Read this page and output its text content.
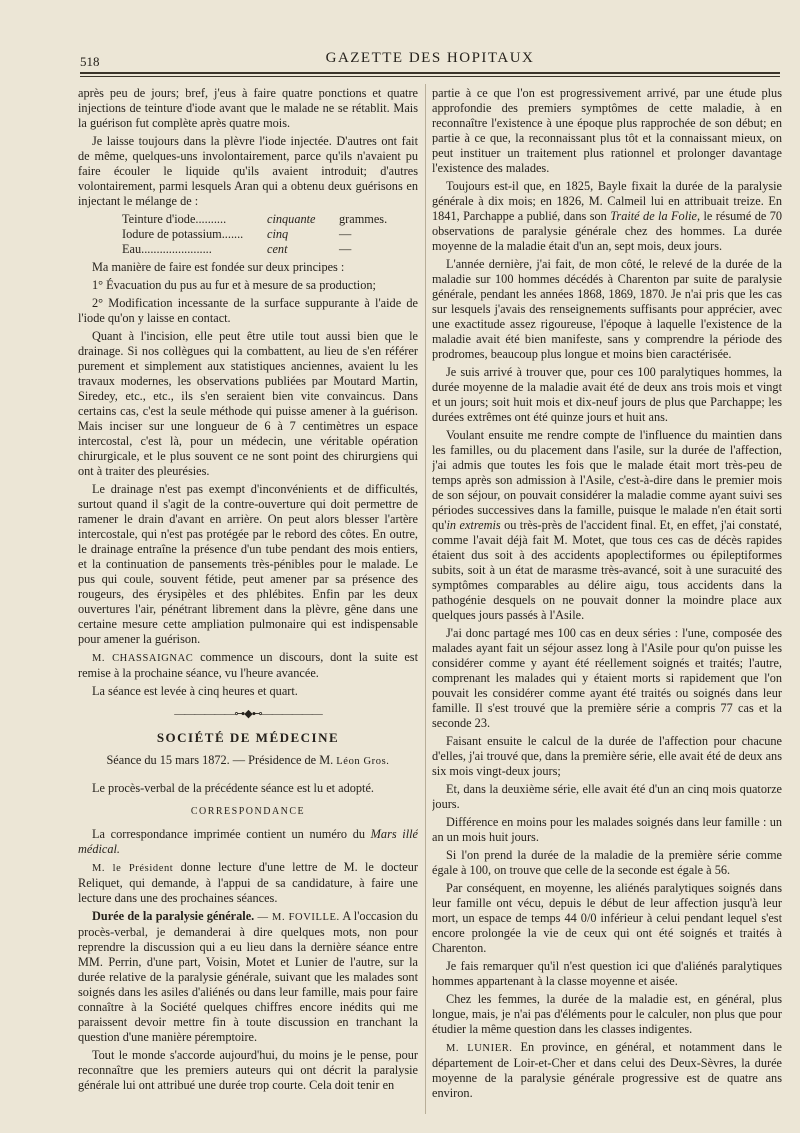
518	GAZETTE DES HOPITAUX

après peu de jours; bref, j'eus à faire quatre ponctions et quatre injections de teinture d'iode avant que le malade ne se rétablit. Mais la guérison fut complète après quatre mois.

Je laisse toujours dans la plèvre l'iode injectée. D'autres ont fait de même, quelques-uns involontairement, parce qu'ils n'avaient pu faire écouler le liquide qu'ils avaient introduit; d'autres volontairement, parmi lesquels Aran qui a obtenu deux guérisons en injectant le mélange de :

Teinture d'iode..........	cinquante	grammes.
Iodure de potassium.......	cinq	—
Eau.......................	cent	—

Ma manière de faire est fondée sur deux principes :

1° Évacuation du pus au fur et à mesure de sa production;

2° Modification incessante de la surface suppurante à l'aide de l'iode qu'on y laisse en contact.

Quant à l'incision, elle peut être utile tout aussi bien que le drainage. Si nos collègues qui la combattent, au lieu de s'en référer purement et simplement aux statistiques anciennes, avaient lu les travaux modernes, les observations publiées par Moutard Martin, Siredey, etc., etc., ils s'en seraient bien vite convaincus. Dans certains cas, c'est la seule méthode qui puisse amener à la guérison. Mais inciser sur une longueur de 6 à 7 centimètres un espace intercostal, c'est là, pour un médecin, une véritable opération chirurgicale, et le plus souvent ce ne sont point des chirurgiens qui ont à traiter des pleurésies.

Le drainage n'est pas exempt d'inconvénients et de difficultés, surtout quand il s'agit de la contre-ouverture qui doit permettre de ramener le drain d'avant en arrière. On peut alors blesser l'artère intercostale, qui n'est pas protégée par le rebord des côtes. En outre, le drainage entraîne la présence d'un tube pendant des mois entiers, et la continuation de pansements très-pénibles pour le malade. Le pus qui coule, souvent fétide, peut amener par sa présence des rougeurs, des érysipèles et des phlébites. Enfin par les deux ouvertures l'air, pénétrant librement dans la plèvre, gêne dans une certaine mesure cette ampliation pulmonaire qui est indispensable pour amener la guérison.

M. CHASSAIGNAC commence un discours, dont la suite est remise à la prochaine séance, vu l'heure avancée.

La séance est levée à cinq heures et quart.

——————⊶◆⊷——————
SOCIÉTÉ DE MÉDECINE
Séance du 15 mars 1872. — Présidence de M. Léon Gros.

Le procès-verbal de la précédente séance est lu et adopté.

CORRESPONDANCE

La correspondance imprimée contient un numéro du Mars illé médical.

M. le Président donne lecture d'une lettre de M. le docteur Reliquet, qui demande, à l'appui de sa candidature, à faire une lecture dans une des prochaines séances.

Durée de la paralysie générale. — M. FOVILLE. A l'occasion du procès-verbal, je demanderai à dire quelques mots, non pour reprendre la discussion qui a eu lieu dans la dernière séance entre MM. Perrin, d'une part, Voisin, Motet et Lunier de l'autre, sur la durée relative de la paralysie générale, suivant que les malades sont soignés dans les asiles d'aliénés ou dans leur famille, mais pour faire connaître à la Société quelques chiffres encore inédits qui me paraissent devoir mettre fin à toute discussion en tranchant la question d'une manière péremptoire.

Tout le monde s'accorde aujourd'hui, du moins je le pense, pour reconnaître que les premiers auteurs qui ont décrit la paralysie générale lui ont attribué une durée trop courte. Cela doit tenir en

partie à ce que l'on est progressivement arrivé, par une étude plus approfondie des premiers symptômes de cette maladie, à en reconnaître l'existence à une époque plus rapprochée de son début; en partie à ce que, la reconnaissant plus tôt et la connaissant mieux, on peut instituer un traitement plus rationnel et prolonger davantage l'existence des malades.

Toujours est-il que, en 1825, Bayle fixait la durée de la paralysie générale à dix mois; en 1826, M. Calmeil lui en attribuait treize. En 1841, Parchappe a publié, dans son Traité de la Folie, le résumé de 70 observations de paralysie générale chez des hommes. La durée moyenne de la maladie était d'un an, sept mois, deux jours.

L'année dernière, j'ai fait, de mon côté, le relevé de la durée de la maladie sur 100 hommes décédés à Charenton par suite de paralysie générale, pendant les années 1868, 1869, 1870. Je n'ai pris que les cas sur lesquels j'avais des renseignements suffisants pour apprécier, avec une exactitude assez rigoureuse, l'époque à laquelle l'existence de la maladie avait été bien manifeste, sans y comprendre la période des prodromes, beaucoup plus longue et moins bien caractérisée.

Je suis arrivé à trouver que, pour ces 100 paralytiques hommes, la durée moyenne de la maladie avait été de deux ans trois mois et vingt et un jours; soit huit mois et dix-neuf jours de plus que Parchappe; les durées extrêmes ont été quinze jours et huit ans.

Voulant ensuite me rendre compte de l'influence du maintien dans les familles, ou du placement dans l'asile, sur la durée de l'affection, j'ai admis que toutes les fois que le malade était mort très-peu de temps après son admission à l'Asile, c'est-à-dire dans le premier mois de son séjour, on pouvait considérer la maladie comme ayant suivi ses périodes successives dans la famille, puisque le malade n'en était sorti qu'in extremis ou très-près de l'accident final. Et, en effet, j'ai constaté, comme l'avait déjà fait M. Motet, que tous ces cas de décès rapides étaient dus soit à des accidents apoplectiformes ou épileptiformes subits, soit à un état de marasme très-avancé, soit à une suracuité des symptômes comparables au délire aigu, tous accidents dans la pathogénie desquels on ne pouvait donner la moindre place aux quelques jours passés à l'Asile.

J'ai donc partagé mes 100 cas en deux séries : l'une, composée des malades ayant fait un séjour assez long à l'Asile pour qu'on puisse les considérer comme y ayant été réellement soignés et traités; l'autre, comprenant les malades qui y étaient morts si rapidement que l'on pouvait les considérer comme ayant été traités ou soignés dans leur famille. Il s'est trouvé que la première série a compris 77 cas et la seconde 23.

Faisant ensuite le calcul de la durée de l'affection pour chacune d'elles, j'ai trouvé que, dans la première série, elle avait été de deux ans six mois vingt-deux jours;

Et, dans la deuxième série, elle avait été d'un an cinq mois quatorze jours.

Différence en moins pour les malades soignés dans leur famille : un an un mois huit jours.

Si l'on prend la durée de la maladie de la première série comme égale à 100, on trouve que celle de la seconde est égale à 56.

Par conséquent, en moyenne, les aliénés paralytiques soignés dans leur famille ont vécu, depuis le début de leur affection jusqu'à leur mort, un espace de temps 44 0/0 inférieur à celui pendant lequel s'est encore prolongée la vie de ceux qui ont été soignés et traités à Charenton.

Je fais remarquer qu'il n'est question ici que d'aliénés paralytiques hommes appartenant à la classe moyenne et aisée.

Chez les femmes, la durée de la maladie est, en général, plus longue, mais, je n'ai pas d'éléments pour le calculer, non plus que pour étudier la même question dans les classes indigentes.

M. LUNIER. En province, en général, et notamment dans le département de Loir-et-Cher et dans celui des Deux-Sèvres, la durée moyenne de la paralysie générale progressive est de quatre ans environ.
